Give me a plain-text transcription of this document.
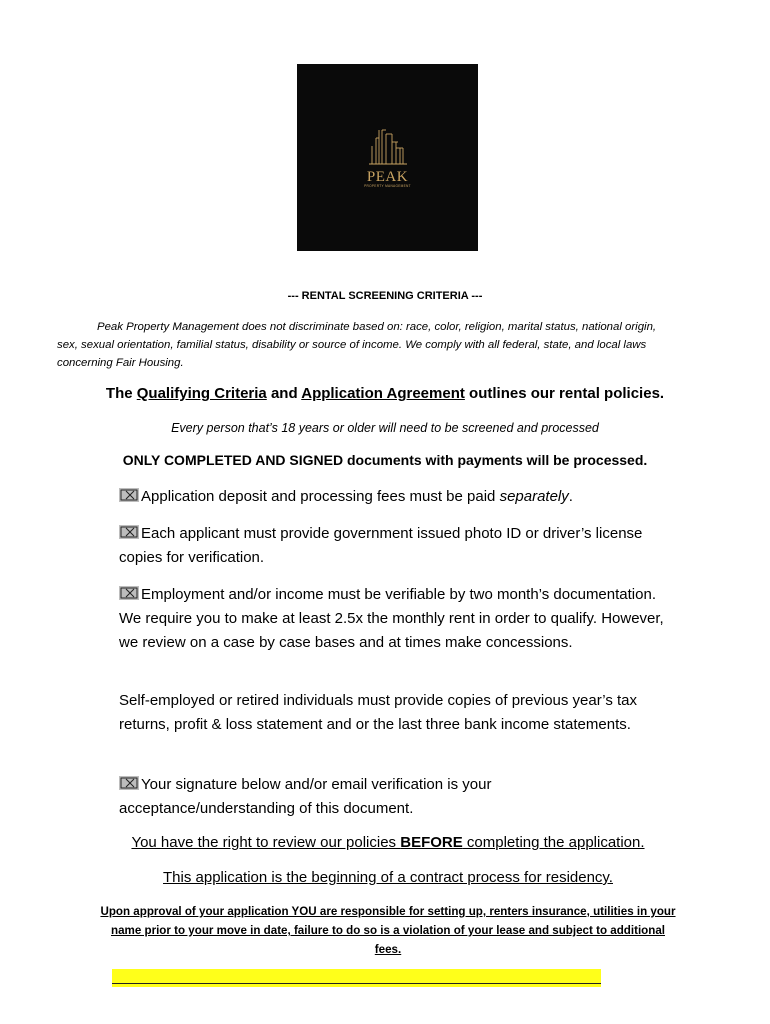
PEAK
PROPERTY MANAGEMENT
--- RENTAL SCREENING CRITERIA ---
Peak Property Management does not discriminate based on: race, color, religion, marital status, national origin, sex, sexual orientation, familial status, disability or source of income. We comply with all federal, state, and local laws concerning Fair Housing.
The Qualifying Criteria and Application Agreement outlines our rental policies.
Every person that’s 18 years or older will need to be screened and processed
ONLY COMPLETED AND SIGNED documents with payments will be processed.
Application deposit and processing fees must be paid separately.
Each applicant must provide government issued photo ID or driver’s license copies for verification.
Employment and/or income must be verifiable by two month’s documentation. We require you to make at least 2.5x the monthly rent in order to qualify. However, we review on a case by case bases and at times make concessions.
Self-employed or retired individuals must provide copies of previous year’s tax returns, profit & loss statement and or the last three bank income statements.
Your signature below and/or email verification is your acceptance/understanding of this document.
You have the right to review our policies BEFORE completing the application.
This application is the beginning of a contract process for residency.
Upon approval of your application YOU are responsible for setting up, renters insurance, utilities in your name prior to your move in date, failure to do so is a violation of your lease and subject to additional fees.
